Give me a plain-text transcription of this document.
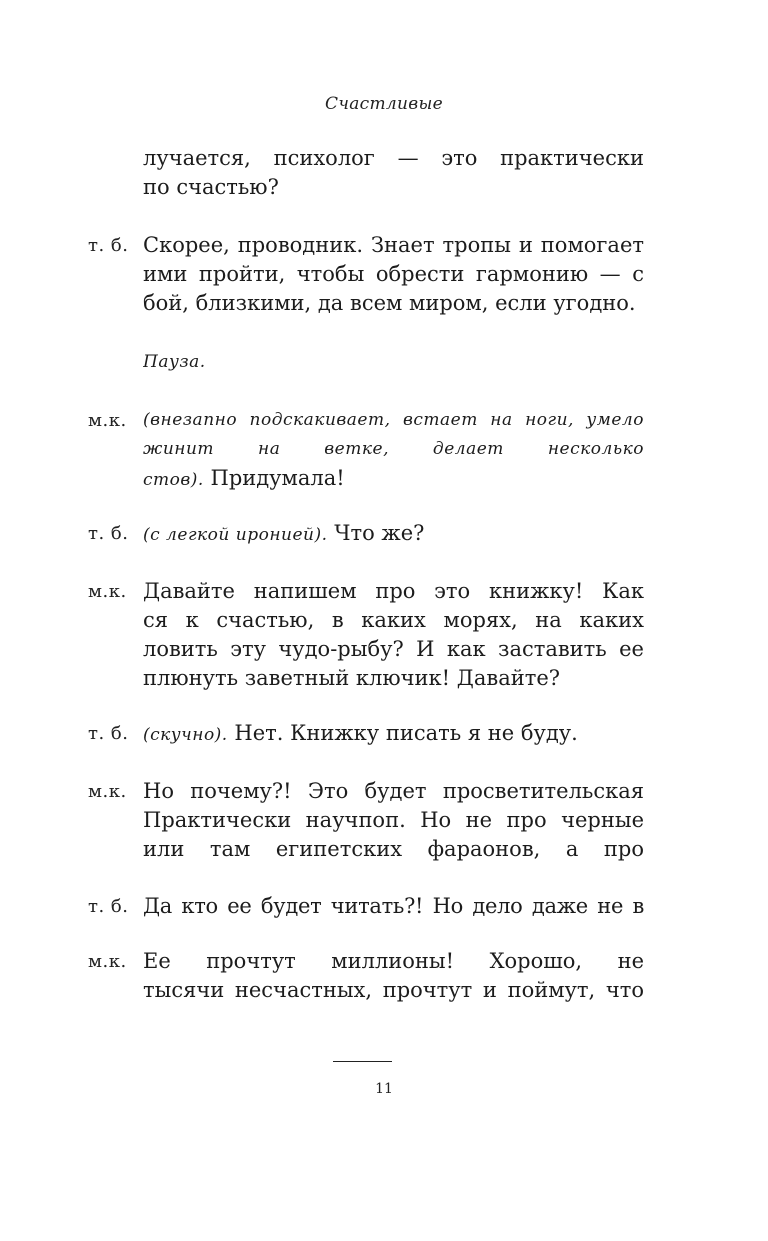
Счастливые
лучается, психолог — это практически
по счастью?
т. б. Скорее, проводник. Знает тропы и помогает
ими пройти, чтобы обрести гармонию — с
бой, близкими, да всем миром, если угодно.
Пауза.
м.к. (внезапно подскакивает, встает на ноги, умело
жинит на ветке, делает несколько
стов). Придумала!
т. б. (с легкой иронией). Что же?
м.к. Давайте напишем про это книжку! Как
ся к счастью, в каких морях, на каких
ловить эту чудо-рыбу? И как заставить ее
плюнуть заветный ключик! Давайте?
т. б. (скучно). Нет. Книжку писать я не буду.
м.к. Но почему?! Это будет просветительская
Практически научпоп. Но не про черные
или там египетских фараонов, а про
т. б. Да кто ее будет читать?! Но дело даже не в
м.к. Ее прочтут миллионы! Хорошо, не
тысячи несчастных, прочтут и поймут, что
11
